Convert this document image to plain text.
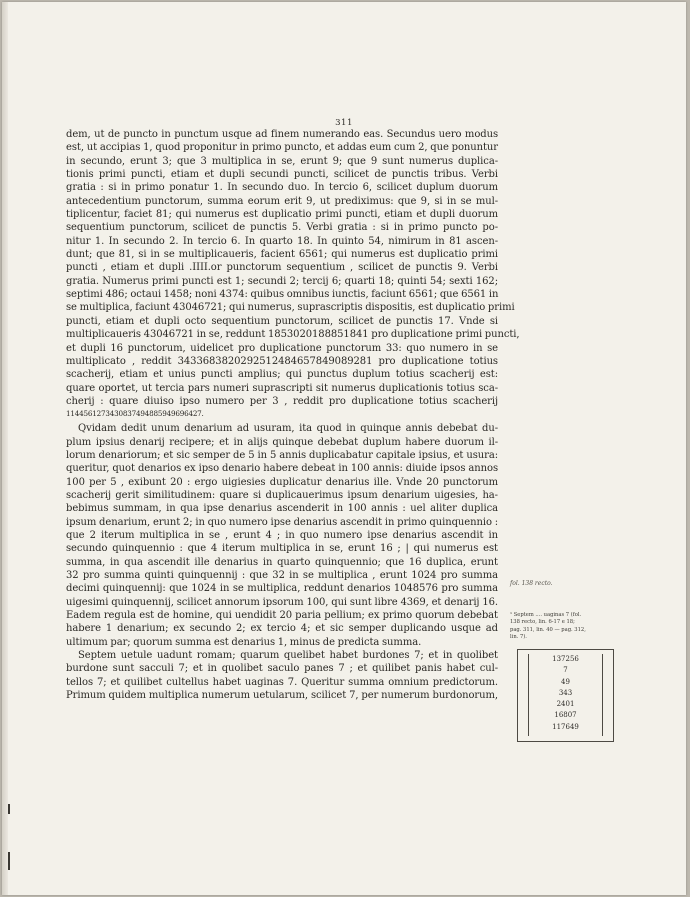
311
dem, ut de puncto in punctum usque ad finem numerando eas. Secundus uero modus
est, ut accipias 1, quod proponitur in primo puncto, et addas eum cum 2, que ponuntur
in secundo, erunt 3; que 3 multiplica in se, erunt 9; que 9 sunt numerus duplica-
tionis primi puncti, etiam et dupli secundi puncti, scilicet de punctis tribus. Verbi
gratia : si in primo ponatur 1. In secundo duo. In tercio 6, scilicet duplum duorum
antecedentium punctorum, summa eorum erit 9, ut prediximus: que 9, si in se mul-
tiplicentur, faciet 81; qui numerus est duplicatio primi puncti, etiam et dupli duorum
sequentium punctorum, scilicet de punctis 5. Verbi gratia : si in primo puncto po-
nitur 1. In secundo 2. In tercio 6. In quarto 18. In quinto 54, nimirum in 81 ascen-
dunt; que 81, si in se multiplicaueris, facient 6561; qui numerus est duplicatio primi
puncti , etiam et dupli .IIII.or punctorum sequentium , scilicet de punctis 9. Verbi
gratia. Numerus primi puncti est 1; secundi 2; tercij 6; quarti 18; quinti 54; sexti 162;
septimi 486; octaui 1458; noni 4374: quibus omnibus iunctis, faciunt 6561; que 6561 in
se multiplica, faciunt 43046721; qui numerus, suprascriptis dispositis, est duplicatio primi
puncti, etiam et dupli octo sequentium punctorum, scilicet de punctis 17. Vnde si
multiplicaueris 43046721 in se, reddunt 1853020188851841 pro duplicatione primi puncti,
et dupli 16 punctorum, uidelicet pro duplicatione punctorum 33: quo numero in se
multiplicato , reddit 3433683820292512484657849089281 pro duplicatione totius
scacherij, etiam et unius puncti amplius; qui punctus duplum totius scacherij est:
quare oportet, ut tercia pars numeri suprascripti sit numerus duplicationis totius sca-
cherij : quare diuiso ipso numero per 3 , reddit pro duplicatione totius scacherij
1144561273430837494885949696427.
Qvidam dedit unum denarium ad usuram, ita quod in quinque annis debebat du-
plum ipsius denarij recipere; et in alijs quinque debebat duplum habere duorum il-
lorum denariorum; et sic semper de 5 in 5 annis duplicabatur capitale ipsius, et usura:
queritur, quot denarios ex ipso denario habere debeat in 100 annis: diuide ipsos annos
100 per 5 , exibunt 20 : ergo uigiesies duplicatur denarius ille. Vnde 20 punctorum
scacherij gerit similitudinem: quare si duplicauerimus ipsum denarium uigesies, ha-
bebimus summam, in qua ipse denarius ascenderit in 100 annis : uel aliter duplica
ipsum denarium, erunt 2; in quo numero ipse denarius ascendit in primo quinquennio :
que 2 iterum multiplica in se , erunt 4 ; in quo numero ipse denarius ascendit in
secundo quinquennio : que 4 iterum multiplica in se, erunt 16 ; | qui numerus est
summa, in qua ascendit ille denarius in quarto quinquennio; que 16 duplica, erunt
32 pro summa quinti quinquennij : que 32 in se multiplica , erunt 1024 pro summa
decimi quinquennij: que 1024 in se multiplica, reddunt denarios 1048576 pro summa
uigesimi quinquennij, scilicet annorum ipsorum 100, qui sunt libre 4369, et denarij 16.
Eadem regula est de homine, qui uendidit 20 paria pellium; ex primo quorum debebat
habere 1 denarium; ex secundo 2; ex tercio 4; et sic semper duplicando usque ad
ultimum par; quorum summa est denarius 1, minus de predicta summa.
Septem uetule uadunt romam; quarum quelibet habet burdones 7; et in quolibet
burdone sunt sacculi 7; et in quolibet saculo panes 7 ; et quilibet panis habet cul-
tellos 7; et quilibet cultellus habet uaginas 7. Queritur summa omnium predictorum.
Primum quidem multiplica numerum uetularum, scilicet 7, per numerum burdonorum,
fol. 138 recto.
¹ Septem .... uaginas 7 (fol.
138 recto, lin. 6-17 e 18;
pag. 311, lin. 40 — pag. 312,
lin. 7).
137256
7
49
343
2401
16807
117649
